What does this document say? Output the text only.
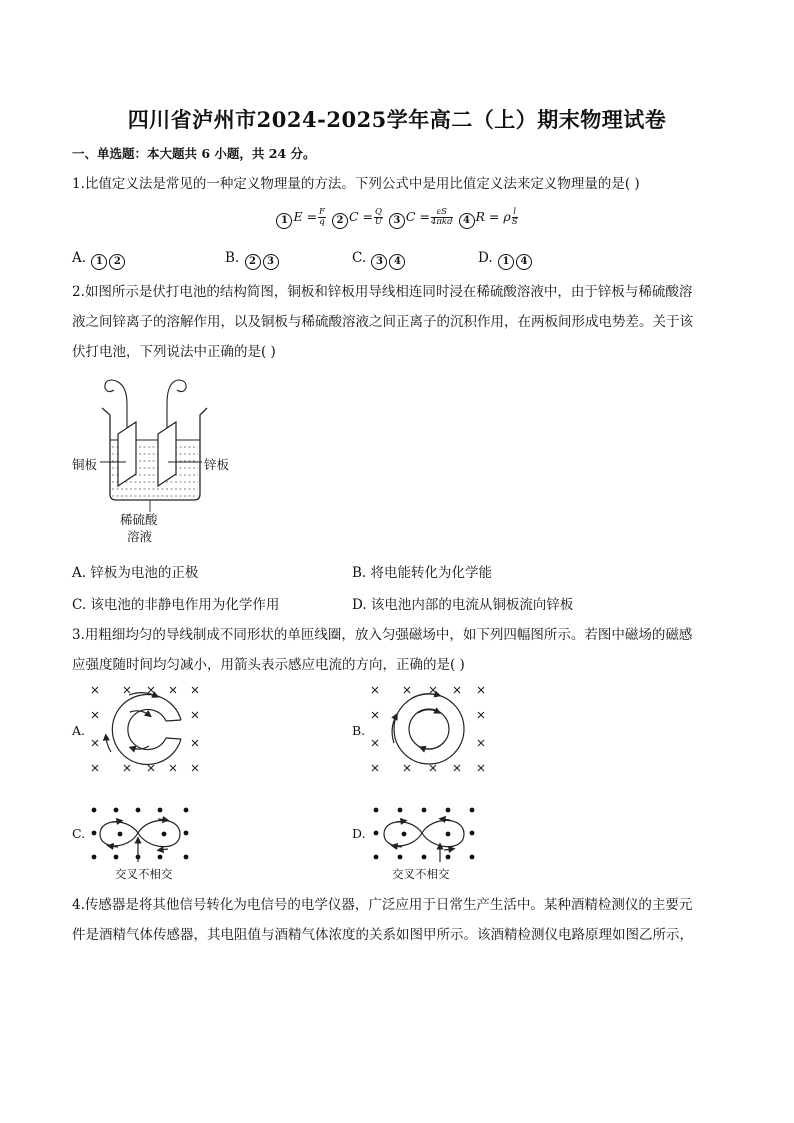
四川省泸州市2024-2025学年高二（上）期末物理试卷
一、单选题：本大题共 6 小题，共 24 分。
1.比值定义法是常见的一种定义物理量的方法。下列公式中是用比值定义法来定义物理量的是( )
1 $E = \frac{F}{q} 2$ $C = \frac{Q}{U} 3$ $C = \frac{\varepsilon S}{\text{4πkd}} 4$ R = ρ $\frac{l}{S}$
A. 1 2	B. 2 3	C. 3 4	D. 1 4
2.如图所示是伏打电池的结构简图，铜板和锌板用导线相连同时浸在稀硫酸溶液中，由于锌板与稀硫酸溶
液之间锌离子的溶解作用，以及铜板与稀硫酸溶液之间正离子的沉积作用，在两板间形成电势差。关于该
伏打电池，下列说法中正确的是( )
铜板	锌板
稀硫酸
溶液
A. 锌板为电池的正极	B. 将电能转化为化学能
C. 该电池的非静电作用为化学作用	D. 该电池内部的电流从铜板流向锌板
3.用粗细均匀的导线制成不同形状的单匝线圈，放入匀强磁场中，如下列四幅图所示。若图中磁场的磁感
应强度随时间均匀减小，用箭头表示感应电流的方向，正确的是( )
A.	B.
C.	D.
交叉不相交	交叉不相交
4.传感器是将其他信号转化为电信号的电学仪器，广泛应用于日常生产生活中。某种酒精检测仪的主要元
件是酒精气体传感器，其电阻值与酒精气体浓度的关系如图甲所示。该酒精检测仪电路原理如图乙所示，
